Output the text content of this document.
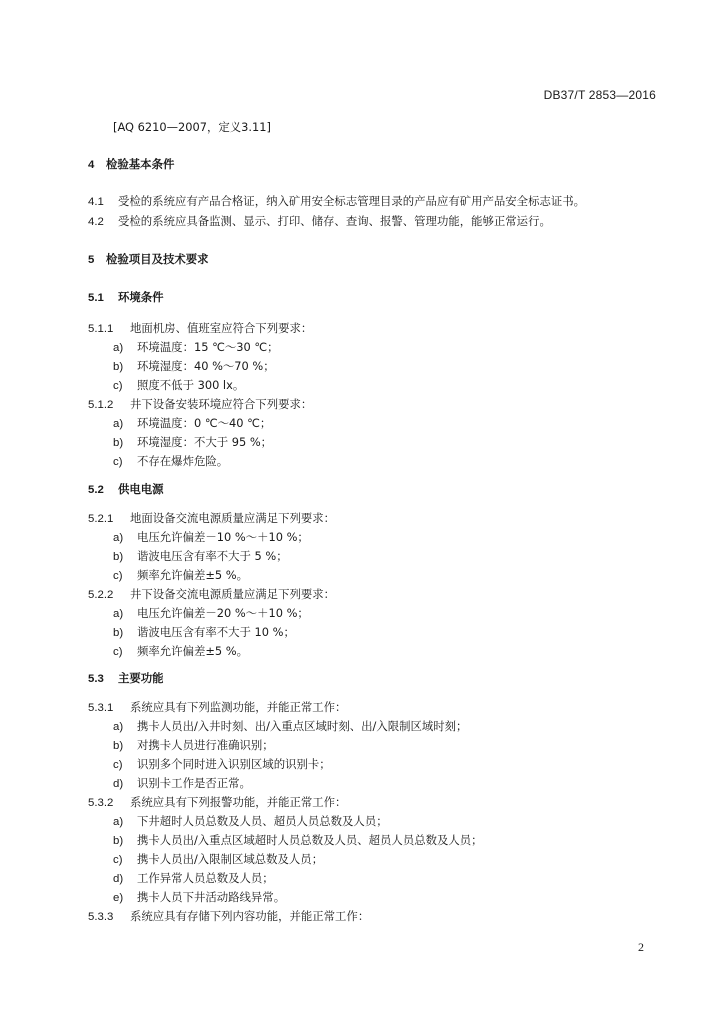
DB37/T 2853—2016
[AQ 6210—2007，定义3.11]
4 检验基本条件
4.1 受检的系统应有产品合格证，纳入矿用安全标志管理目录的产品应有矿用产品安全标志证书。
4.2 受检的系统应具备监测、显示、打印、储存、查询、报警、管理功能，能够正常运行。
5 检验项目及技术要求
5.1 环境条件
5.1.1 地面机房、值班室应符合下列要求：
a) 环境温度：15 ℃～30 ℃；
b) 环境湿度：40 %～70 %；
c) 照度不低于 300 lx。
5.1.2 井下设备安装环境应符合下列要求：
a) 环境温度：0 ℃～40 ℃；
b) 环境湿度：不大于 95 %；
c) 不存在爆炸危险。
5.2 供电电源
5.2.1 地面设备交流电源质量应满足下列要求：
a) 电压允许偏差－10 %～＋10 %；
b) 谐波电压含有率不大于 5 %；
c) 频率允许偏差±5 %。
5.2.2 井下设备交流电源质量应满足下列要求：
a) 电压允许偏差－20 %～＋10 %；
b) 谐波电压含有率不大于 10 %；
c) 频率允许偏差±5 %。
5.3 主要功能
5.3.1 系统应具有下列监测功能，并能正常工作：
a) 携卡人员出/入井时刻、出/入重点区域时刻、出/入限制区域时刻；
b) 对携卡人员进行准确识别；
c) 识别多个同时进入识别区域的识别卡；
d) 识别卡工作是否正常。
5.3.2 系统应具有下列报警功能，并能正常工作：
a) 下井超时人员总数及人员、超员人员总数及人员；
b) 携卡人员出/入重点区域超时人员总数及人员、超员人员总数及人员；
c) 携卡人员出/入限制区域总数及人员；
d) 工作异常人员总数及人员；
e) 携卡人员下井活动路线异常。
5.3.3 系统应具有存储下列内容功能，并能正常工作：
2
